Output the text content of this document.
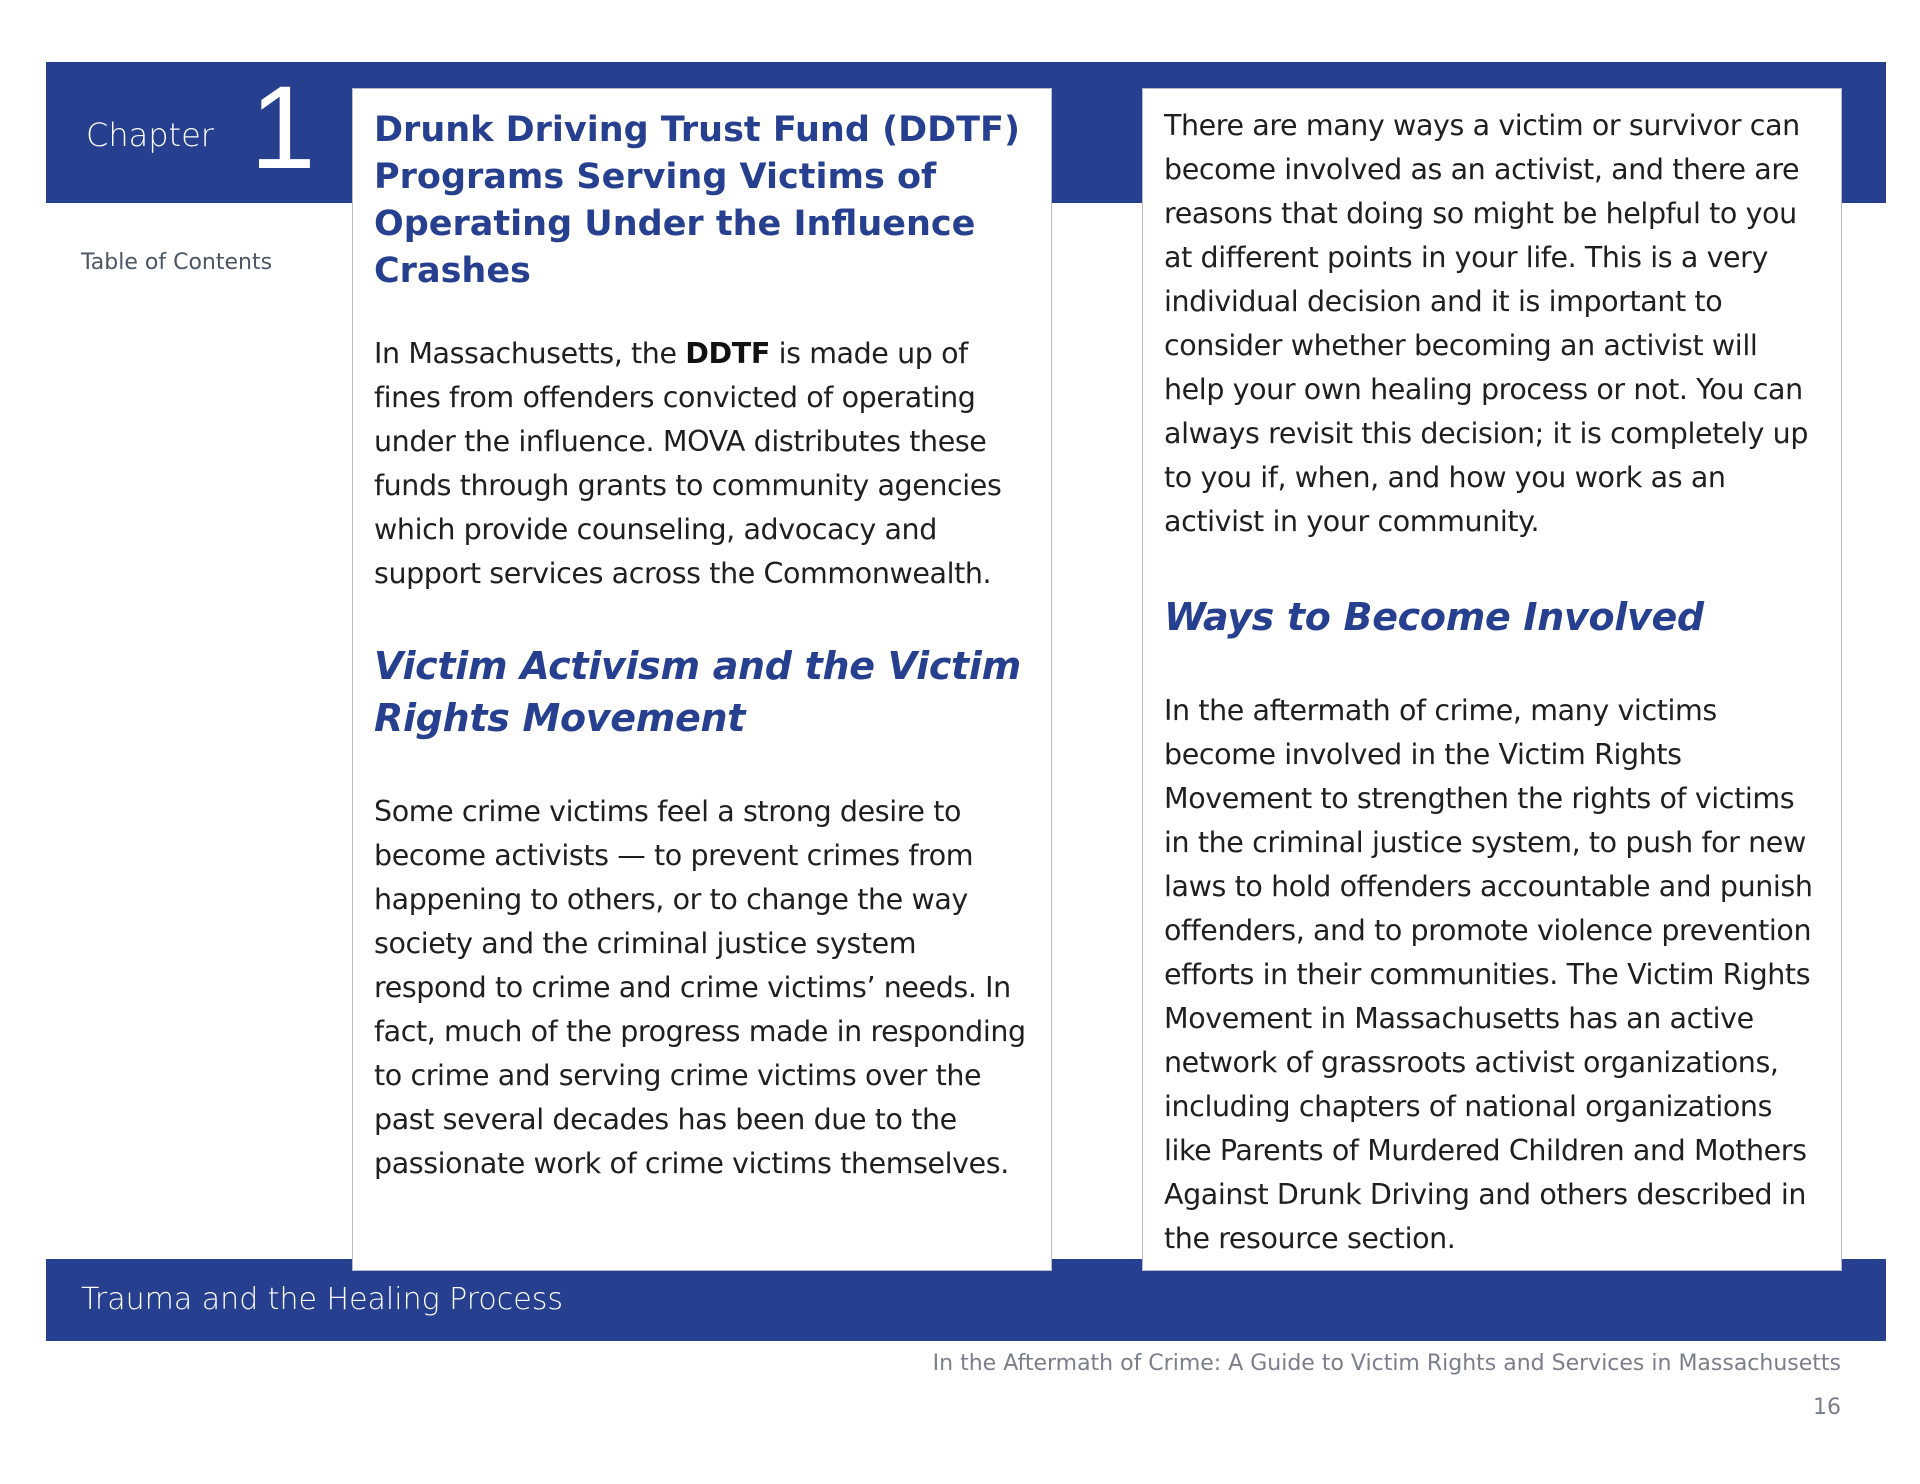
Chapter 1
Table of Contents
Trauma and the Healing Process
Drunk Driving Trust Fund (DDTF) Programs Serving Victims of Operating Under the Influence Crashes

In Massachusetts, the DDTF is made up of fines from offenders convicted of operating under the influence. MOVA distributes these funds through grants to community agencies which provide counseling, advocacy and support services across the Commonwealth.

Victim Activism and the Victim Rights Movement

Some crime victims feel a strong desire to become activists — to prevent crimes from happening to others, or to change the way society and the criminal justice system respond to crime and crime victims’ needs. In fact, much of the progress made in responding to crime and serving crime victims over the past several decades has been due to the passionate work of crime victims themselves.

There are many ways a victim or survivor can become involved as an activist, and there are reasons that doing so might be helpful to you at different points in your life. This is a very individual decision and it is important to consider whether becoming an activist will help your own healing process or not. You can always revisit this decision; it is completely up to you if, when, and how you work as an activist in your community.

Ways to Become Involved

In the aftermath of crime, many victims become involved in the Victim Rights Movement to strengthen the rights of victims in the criminal justice system, to push for new laws to hold offenders accountable and punish offenders, and to promote violence prevention efforts in their communities. The Victim Rights Movement in Massachusetts has an active network of grassroots activist organizations, including chapters of national organizations like Parents of Murdered Children and Mothers Against Drunk Driving and others described in the resource section.

In the Aftermath of Crime: A Guide to Victim Rights and Services in Massachusetts
16
